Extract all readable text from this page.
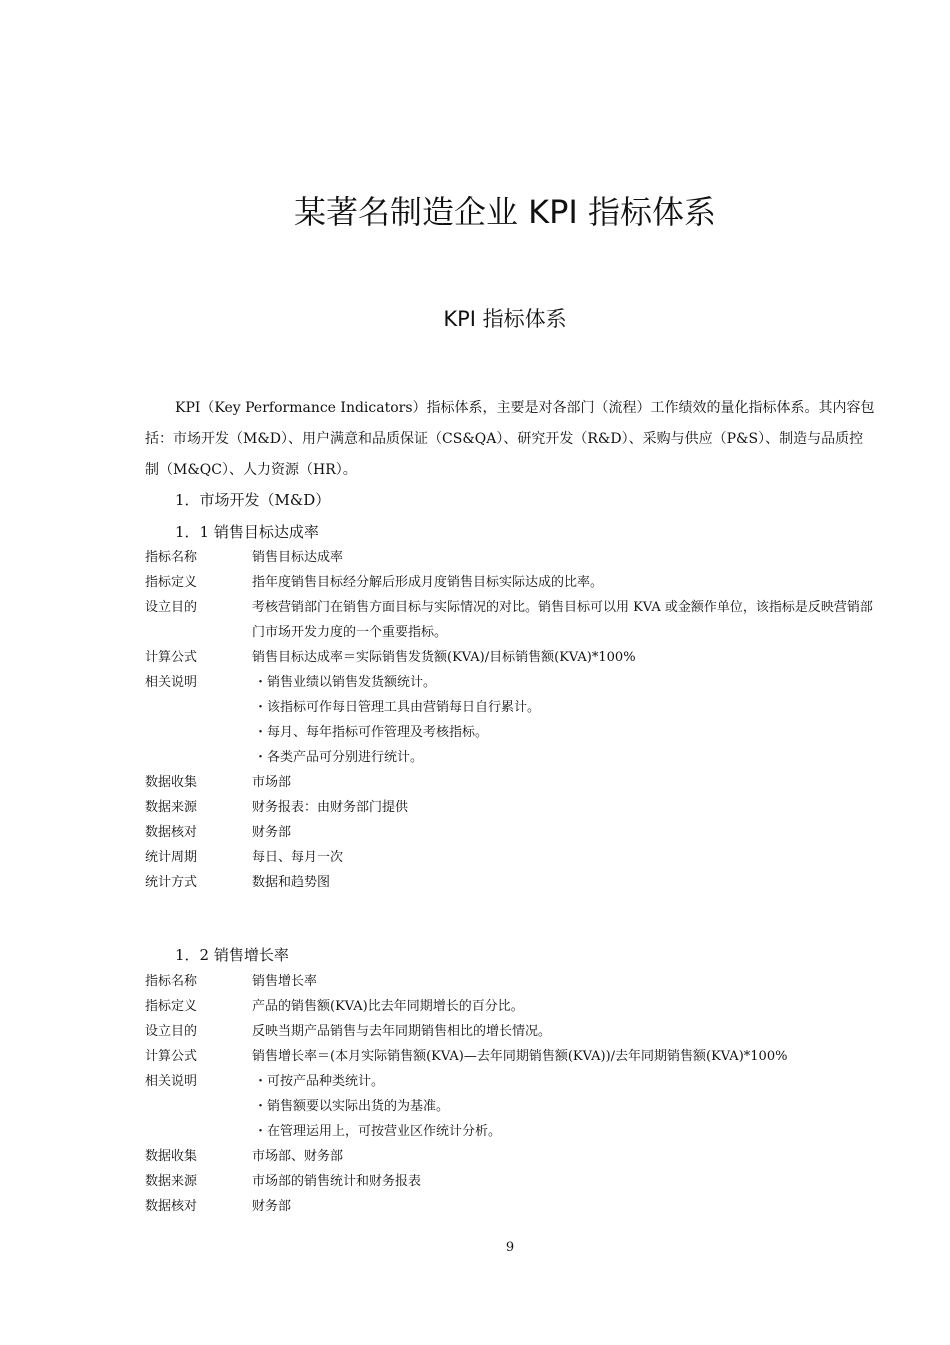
某著名制造企业 KPI 指标体系
KPI 指标体系

KPI（Key Performance Indicators）指标体系，主要是对各部门（流程）工作绩效的量化指标体系。其内容包括：市场开发（M&D）、用户满意和品质保证（CS&QA）、研究开发（R&D）、采购与供应（P&S）、制造与品质控制（M&QC）、人力资源（HR）。

1．市场开发（M&D）
1．1 销售目标达成率
指标名称	销售目标达成率
指标定义	指年度销售目标经分解后形成月度销售目标实际达成的比率。
设立目的	考核营销部门在销售方面目标与实际情况的对比。销售目标可以用 KVA 或金额作单位，该指标是反映营销部门市场开发力度的一个重要指标。
计算公式	销售目标达成率＝实际销售发货额(KVA)/目标销售额(KVA)*100%
相关说明	・销售业绩以销售发货额统计。
・该指标可作每日管理工具由营销每日自行累计。
・每月、每年指标可作管理及考核指标。
・各类产品可分别进行统计。
数据收集	市场部
数据来源	财务报表：由财务部门提供
数据核对	财务部
统计周期	每日、每月一次
统计方式	数据和趋势图
1．2 销售增长率
指标名称	销售增长率
指标定义	产品的销售额(KVA)比去年同期增长的百分比。
设立目的	反映当期产品销售与去年同期销售相比的增长情况。
计算公式	销售增长率＝(本月实际销售额(KVA)—去年同期销售额(KVA))/去年同期销售额(KVA)*100%
相关说明	・可按产品种类统计。
・销售额要以实际出货的为基准。
・在管理运用上，可按营业区作统计分析。
数据收集	市场部、财务部
数据来源	市场部的销售统计和财务报表
数据核对	财务部
9
